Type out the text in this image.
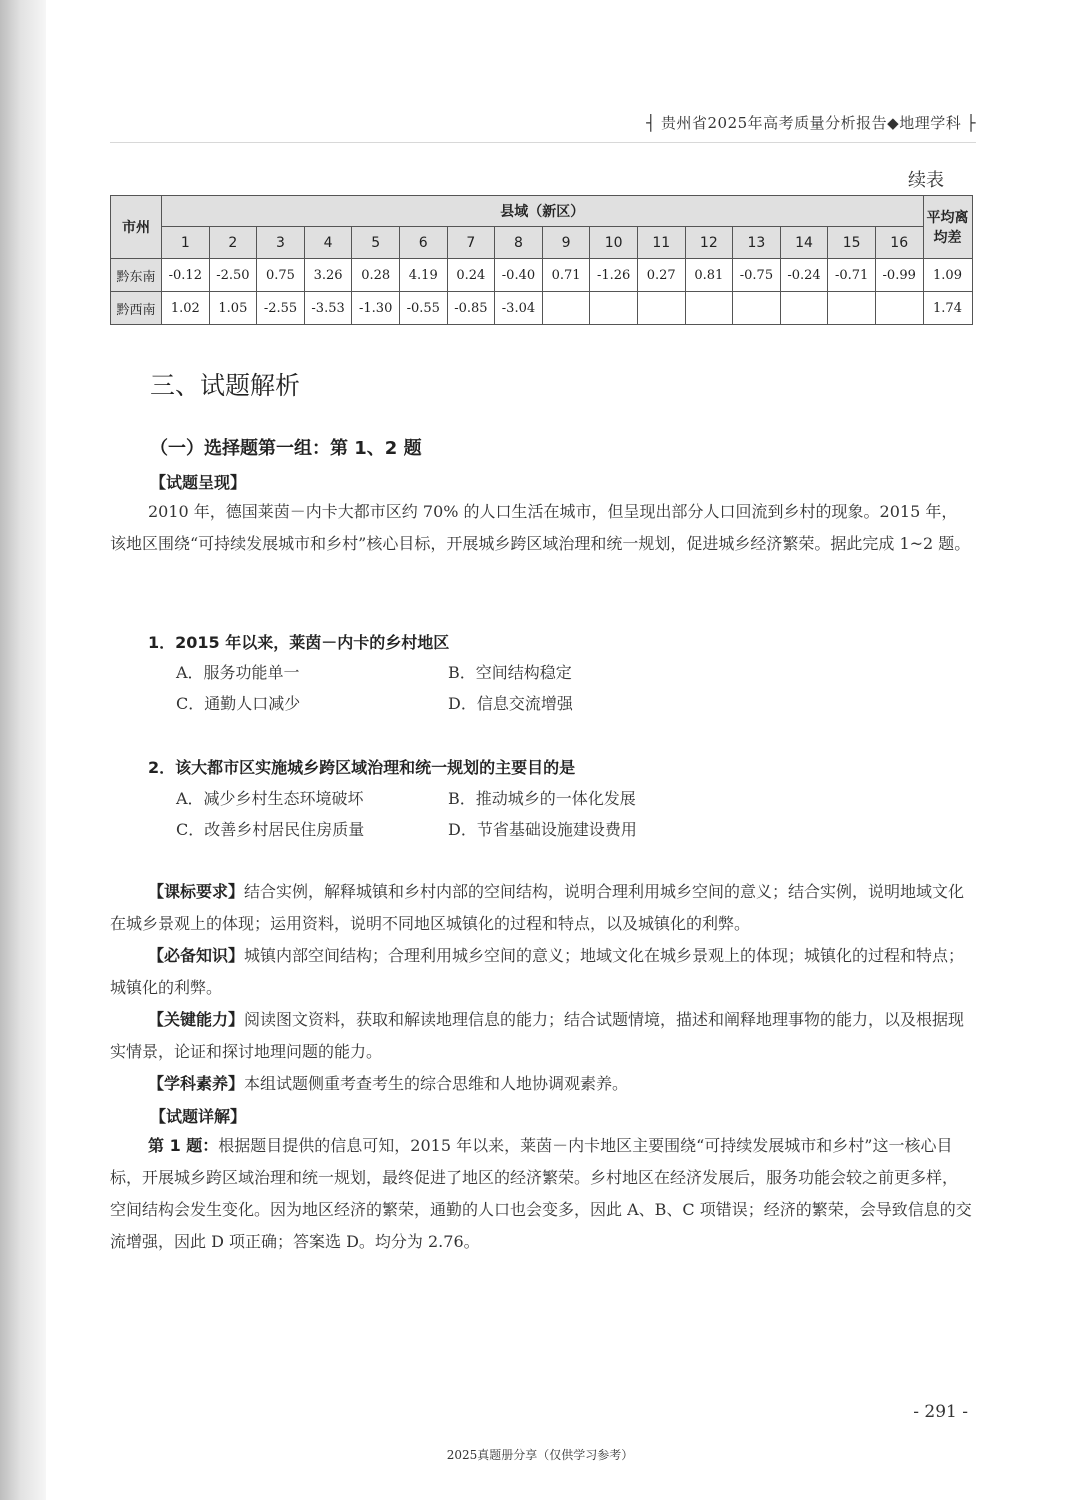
┤ 贵州省2025年高考质量分析报告◆地理学科 ├
续表
市州	县域（新区）																平均离
均差
	1	2	3	4	5	6	7	8	9	10	11	12	13	14	15	16	
黔东南	-0.12	-2.50	0.75	3.26	0.28	4.19	0.24	-0.40	0.71	-1.26	0.27	0.81	-0.75	-0.24	-0.71	-0.99	1.09
黔西南	1.02	1.05	-2.55	-3.53	-1.30	-0.55	-0.85	-3.04									1.74
三、试题解析
（一）选择题第一组：第 1、2 题
【试题呈现】

2010 年，德国莱茵－内卡大都市区约 70% 的人口生活在城市，但呈现出部分人口回流到乡村的现象。2015 年，该地区围绕“可持续发展城市和乡村”核心目标，开展城乡跨区域治理和统一规划，促进城乡经济繁荣。据此完成 1~2 题。

1．2015 年以来，莱茵－内卡的乡村地区
A．服务功能单一	B．空间结构稳定
C．通勤人口减少	D．信息交流增强
2．该大都市区实施城乡跨区域治理和统一规划的主要目的是
A．减少乡村生态环境破坏	B．推动城乡的一体化发展
C．改善乡村居民住房质量	D．节省基础设施建设费用

【课标要求】结合实例，解释城镇和乡村内部的空间结构，说明合理利用城乡空间的意义；结合实例，说明地域文化在城乡景观上的体现；运用资料，说明不同地区城镇化的过程和特点，以及城镇化的利弊。

【必备知识】城镇内部空间结构；合理利用城乡空间的意义；地域文化在城乡景观上的体现；城镇化的过程和特点；城镇化的利弊。

【关键能力】阅读图文资料，获取和解读地理信息的能力；结合试题情境，描述和阐释地理事物的能力，以及根据现实情景，论证和探讨地理问题的能力。

【学科素养】本组试题侧重考查考生的综合思维和人地协调观素养。

【试题详解】

第 1 题：根据题目提供的信息可知，2015 年以来，莱茵－内卡地区主要围绕“可持续发展城市和乡村”这一核心目标，开展城乡跨区域治理和统一规划，最终促进了地区的经济繁荣。乡村地区在经济发展后，服务功能会较之前更多样，空间结构会发生变化。因为地区经济的繁荣，通勤的人口也会变多，因此 A、B、C 项错误；经济的繁荣，会导致信息的交流增强，因此 D 项正确；答案选 D。均分为 2.76。

- 291 -
2025真题册分享（仅供学习参考）
